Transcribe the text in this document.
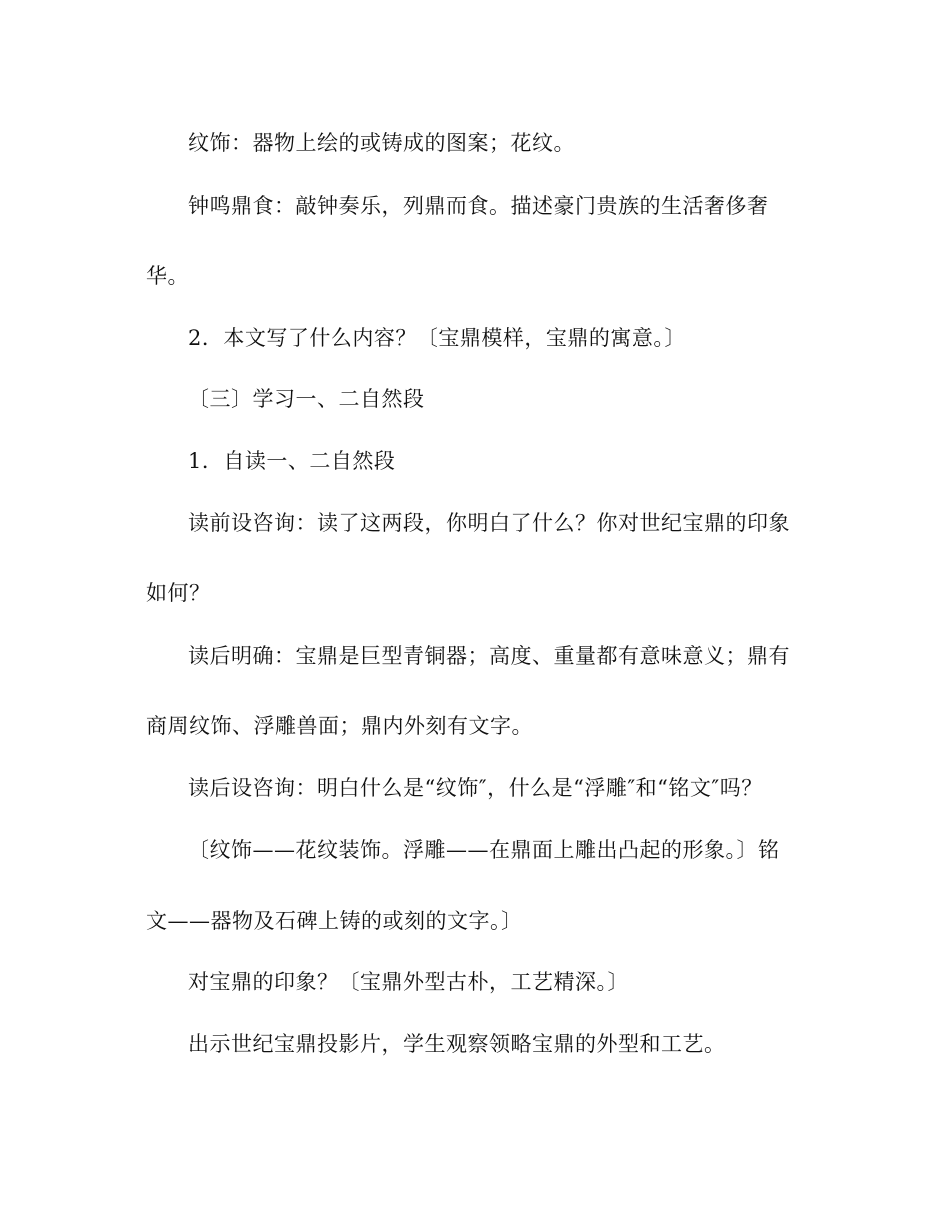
纹饰：器物上绘的或铸成的图案；花纹。
钟鸣鼎食：敲钟奏乐，列鼎而食。描述豪门贵族的生活奢侈奢
华。
2．本文写了什么内容？〔宝鼎模样，宝鼎的寓意。〕
〔三〕学习一、二自然段
1．自读一、二自然段
读前设咨询：读了这两段，你明白了什么？你对世纪宝鼎的印象
如何？
读后明确：宝鼎是巨型青铜器；高度、重量都有意味意义；鼎有
商周纹饰、浮雕兽面；鼎内外刻有文字。
读后设咨询：明白什么是“纹饰″，什么是“浮雕″和“铭文″吗？
〔纹饰——花纹装饰。浮雕——在鼎面上雕出凸起的形象。〕铭
文——器物及石碑上铸的或刻的文字。〕
对宝鼎的印象？〔宝鼎外型古朴，工艺精深。〕
出示世纪宝鼎投影片，学生观察领略宝鼎的外型和工艺。
